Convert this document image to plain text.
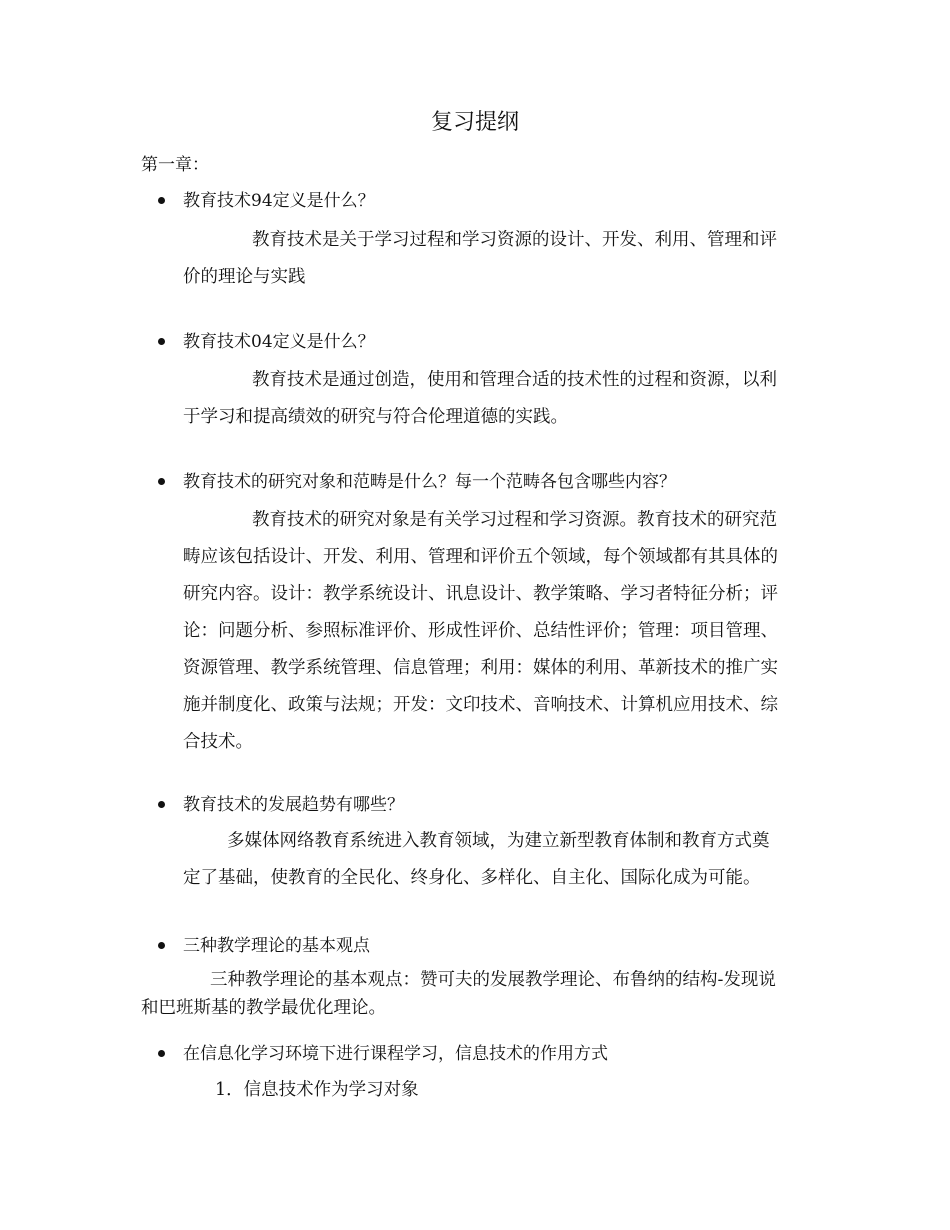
复习提纲
第一章：
教育技术94定义是什么？

教育技术是关于学习过程和学习资源的设计、开发、利用、管理和评

价的理论与实践

教育技术04定义是什么？

教育技术是通过创造，使用和管理合适的技术性的过程和资源，以利

于学习和提高绩效的研究与符合伦理道德的实践。

教育技术的研究对象和范畴是什么？每一个范畴各包含哪些内容？

教育技术的研究对象是有关学习过程和学习资源。教育技术的研究范

畴应该包括设计、开发、利用、管理和评价五个领域，每个领域都有其具体的

研究内容。设计：教学系统设计、讯息设计、教学策略、学习者特征分析；评

论：问题分析、参照标准评价、形成性评价、总结性评价；管理：项目管理、

资源管理、教学系统管理、信息管理；利用：媒体的利用、革新技术的推广实

施并制度化、政策与法规；开发：文印技术、音响技术、计算机应用技术、综

合技术。

教育技术的发展趋势有哪些？

多媒体网络教育系统进入教育领域，为建立新型教育体制和教育方式奠

定了基础，使教育的全民化、终身化、多样化、自主化、国际化成为可能。

三种教学理论的基本观点

三种教学理论的基本观点：赞可夫的发展教学理论、布鲁纳的结构-发现说

和巴班斯基的教学最优化理论。

在信息化学习环境下进行课程学习，信息技术的作用方式

1．信息技术作为学习对象
